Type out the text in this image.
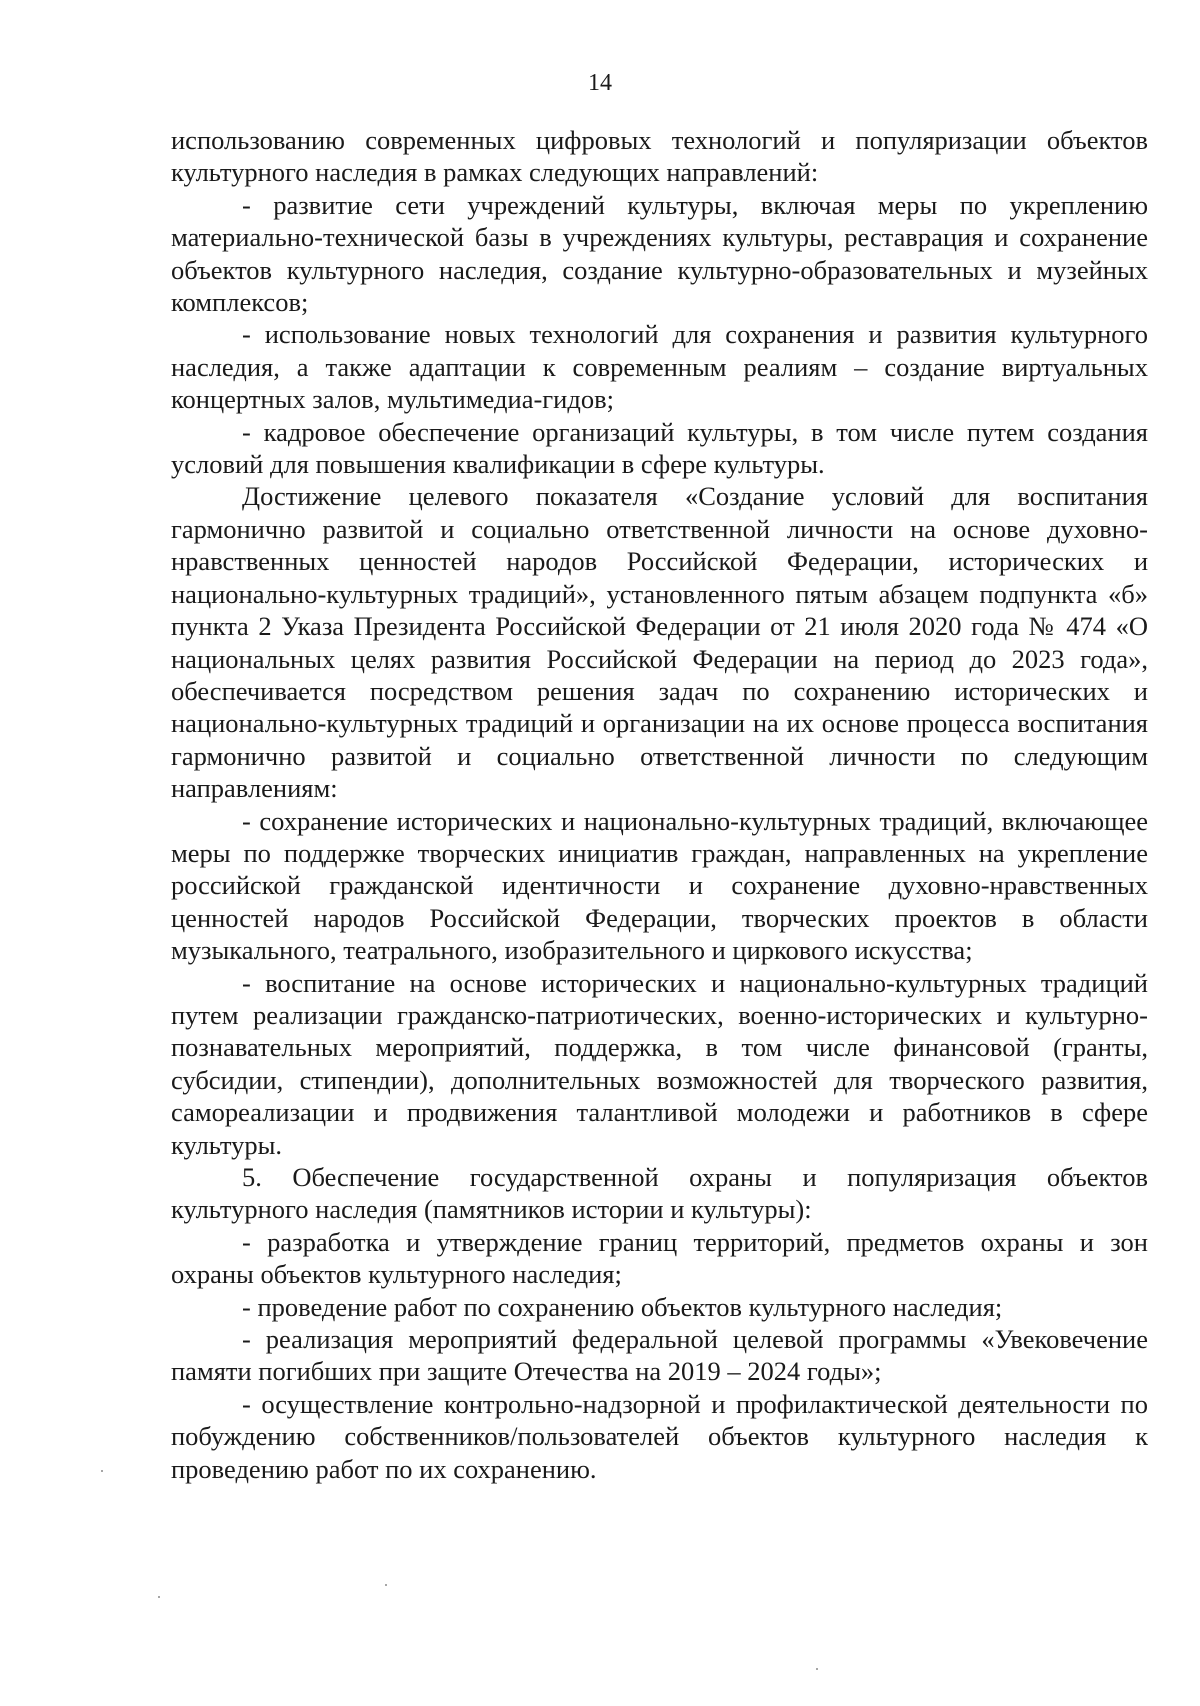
14

использованию современных цифровых технологий и популяризации объектов культурного наследия в рамках следующих направлений:

- развитие сети учреждений культуры, включая меры по укреплению материально-технической базы в учреждениях культуры, реставрация и сохранение объектов культурного наследия, создание культурно-образовательных и музейных комплексов;

- использование новых технологий для сохранения и развития культурного наследия, а также адаптации к современным реалиям – создание виртуальных концертных залов, мультимедиа-гидов;

- кадровое обеспечение организаций культуры, в том числе путем создания условий для повышения квалификации в сфере культуры.

Достижение целевого показателя «Создание условий для воспитания гармонично развитой и социально ответственной личности на основе духовно-нравственных ценностей народов Российской Федерации, исторических и национально-культурных традиций», установленного пятым абзацем подпункта «б» пункта 2 Указа Президента Российской Федерации от 21 июля 2020 года № 474 «О национальных целях развития Российской Федерации на период до 2023 года», обеспечивается посредством решения задач по сохранению исторических и национально-культурных традиций и организации на их основе процесса воспитания гармонично развитой и социально ответственной личности по следующим направлениям:

- сохранение исторических и национально-культурных традиций, включающее меры по поддержке творческих инициатив граждан, направленных на укрепление российской гражданской идентичности и сохранение духовно-нравственных ценностей народов Российской Федерации, творческих проектов в области музыкального, театрального, изобразительного и циркового искусства;

- воспитание на основе исторических и национально-культурных традиций путем реализации гражданско-патриотических, военно-исторических и культурно-познавательных мероприятий, поддержка, в том числе финансовой (гранты, субсидии, стипендии), дополнительных возможностей для творческого развития, самореализации и продвижения талантливой молодежи и работников в сфере культуры.

5. Обеспечение государственной охраны и популяризация объектов культурного наследия (памятников истории и культуры):

- разработка и утверждение границ территорий, предметов охраны и зон охраны объектов культурного наследия;

- проведение работ по сохранению объектов культурного наследия;

- реализация мероприятий федеральной целевой программы «Увековечение памяти погибших при защите Отечества на 2019 – 2024 годы»;

- осуществление контрольно-надзорной и профилактической деятельности по побуждению собственников/пользователей объектов культурного наследия к проведению работ по их сохранению.
